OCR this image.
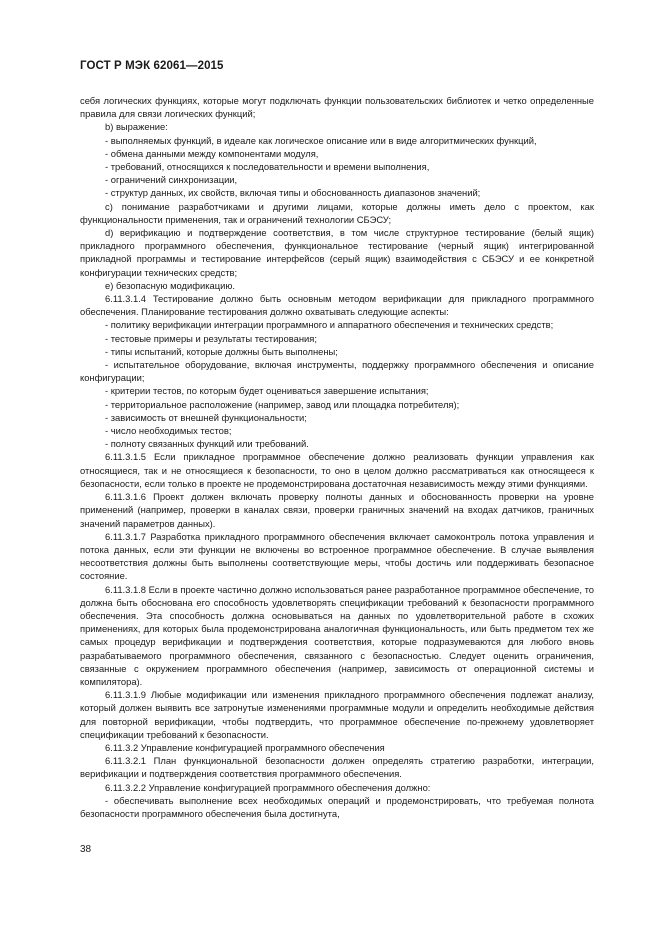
ГОСТ Р МЭК 62061—2015

себя логических функциях, которые могут подключать функции пользовательских библиотек и четко определенные правила для связи логических функций;

b) выражение:

- выполняемых функций, в идеале как логическое описание или в виде алгоритмических функций,

- обмена данными между компонентами модуля,

- требований, относящихся к последовательности и времени выполнения,

- ограничений синхронизации,

- структур данных, их свойств, включая типы и обоснованность диапазонов значений;

c) понимание разработчиками и другими лицами, которые должны иметь дело с проектом, как функциональности применения, так и ограничений технологии СБЭСУ;

d) верификацию и подтверждение соответствия, в том числе структурное тестирование (белый ящик) прикладного программного обеспечения, функциональное тестирование (черный ящик) интегрированной прикладной программы и тестирование интерфейсов (серый ящик) взаимодействия с СБЭСУ и ее конкретной конфигурации технических средств;

e) безопасную модификацию.

6.11.3.1.4 Тестирование должно быть основным методом верификации для прикладного программного обеспечения. Планирование тестирования должно охватывать следующие аспекты:

- политику верификации интеграции программного и аппаратного обеспечения и технических средств;

- тестовые примеры и результаты тестирования;

- типы испытаний, которые должны быть выполнены;

- испытательное оборудование, включая инструменты, поддержку программного обеспечения и описание конфигурации;

- критерии тестов, по которым будет оцениваться завершение испытания;

- территориальное расположение (например, завод или площадка потребителя);

- зависимость от внешней функциональности;

- число необходимых тестов;

- полноту связанных функций или требований.

6.11.3.1.5 Если прикладное программное обеспечение должно реализовать функции управления как относящиеся, так и не относящиеся к безопасности, то оно в целом должно рассматриваться как относящееся к безопасности, если только в проекте не продемонстрирована достаточная независимость между этими функциями.

6.11.3.1.6 Проект должен включать проверку полноты данных и обоснованность проверки на уровне применений (например, проверки в каналах связи, проверки граничных значений на входах датчиков, граничных значений параметров данных).

6.11.3.1.7 Разработка прикладного программного обеспечения включает самоконтроль потока управления и потока данных, если эти функции не включены во встроенное программное обеспечение. В случае выявления несоответствия должны быть выполнены соответствующие меры, чтобы достичь или поддерживать безопасное состояние.

6.11.3.1.8 Если в проекте частично должно использоваться ранее разработанное программное обеспечение, то должна быть обоснована его способность удовлетворять спецификации требований к безопасности программного обеспечения. Эта способность должна основываться на данных по удовлетворительной работе в схожих применениях, для которых была продемонстрирована аналогичная функциональность, или быть предметом тех же самых процедур верификации и подтверждения соответствия, которые подразумеваются для любого вновь разрабатываемого программного обеспечения, связанного с безопасностью. Следует оценить ограничения, связанные с окружением программного обеспечения (например, зависимость от операционной системы и компилятора).

6.11.3.1.9 Любые модификации или изменения прикладного программного обеспечения подлежат анализу, который должен выявить все затронутые изменениями программные модули и определить необходимые действия для повторной верификации, чтобы подтвердить, что программное обеспечение по-прежнему удовлетворяет спецификации требований к безопасности.

6.11.3.2 Управление конфигурацией программного обеспечения

6.11.3.2.1 План функциональной безопасности должен определять стратегию разработки, интеграции, верификации и подтверждения соответствия программного обеспечения.

6.11.3.2.2 Управление конфигурацией программного обеспечения должно:

- обеспечивать выполнение всех необходимых операций и продемонстрировать, что требуемая полнота безопасности программного обеспечения была достигнута,

38
